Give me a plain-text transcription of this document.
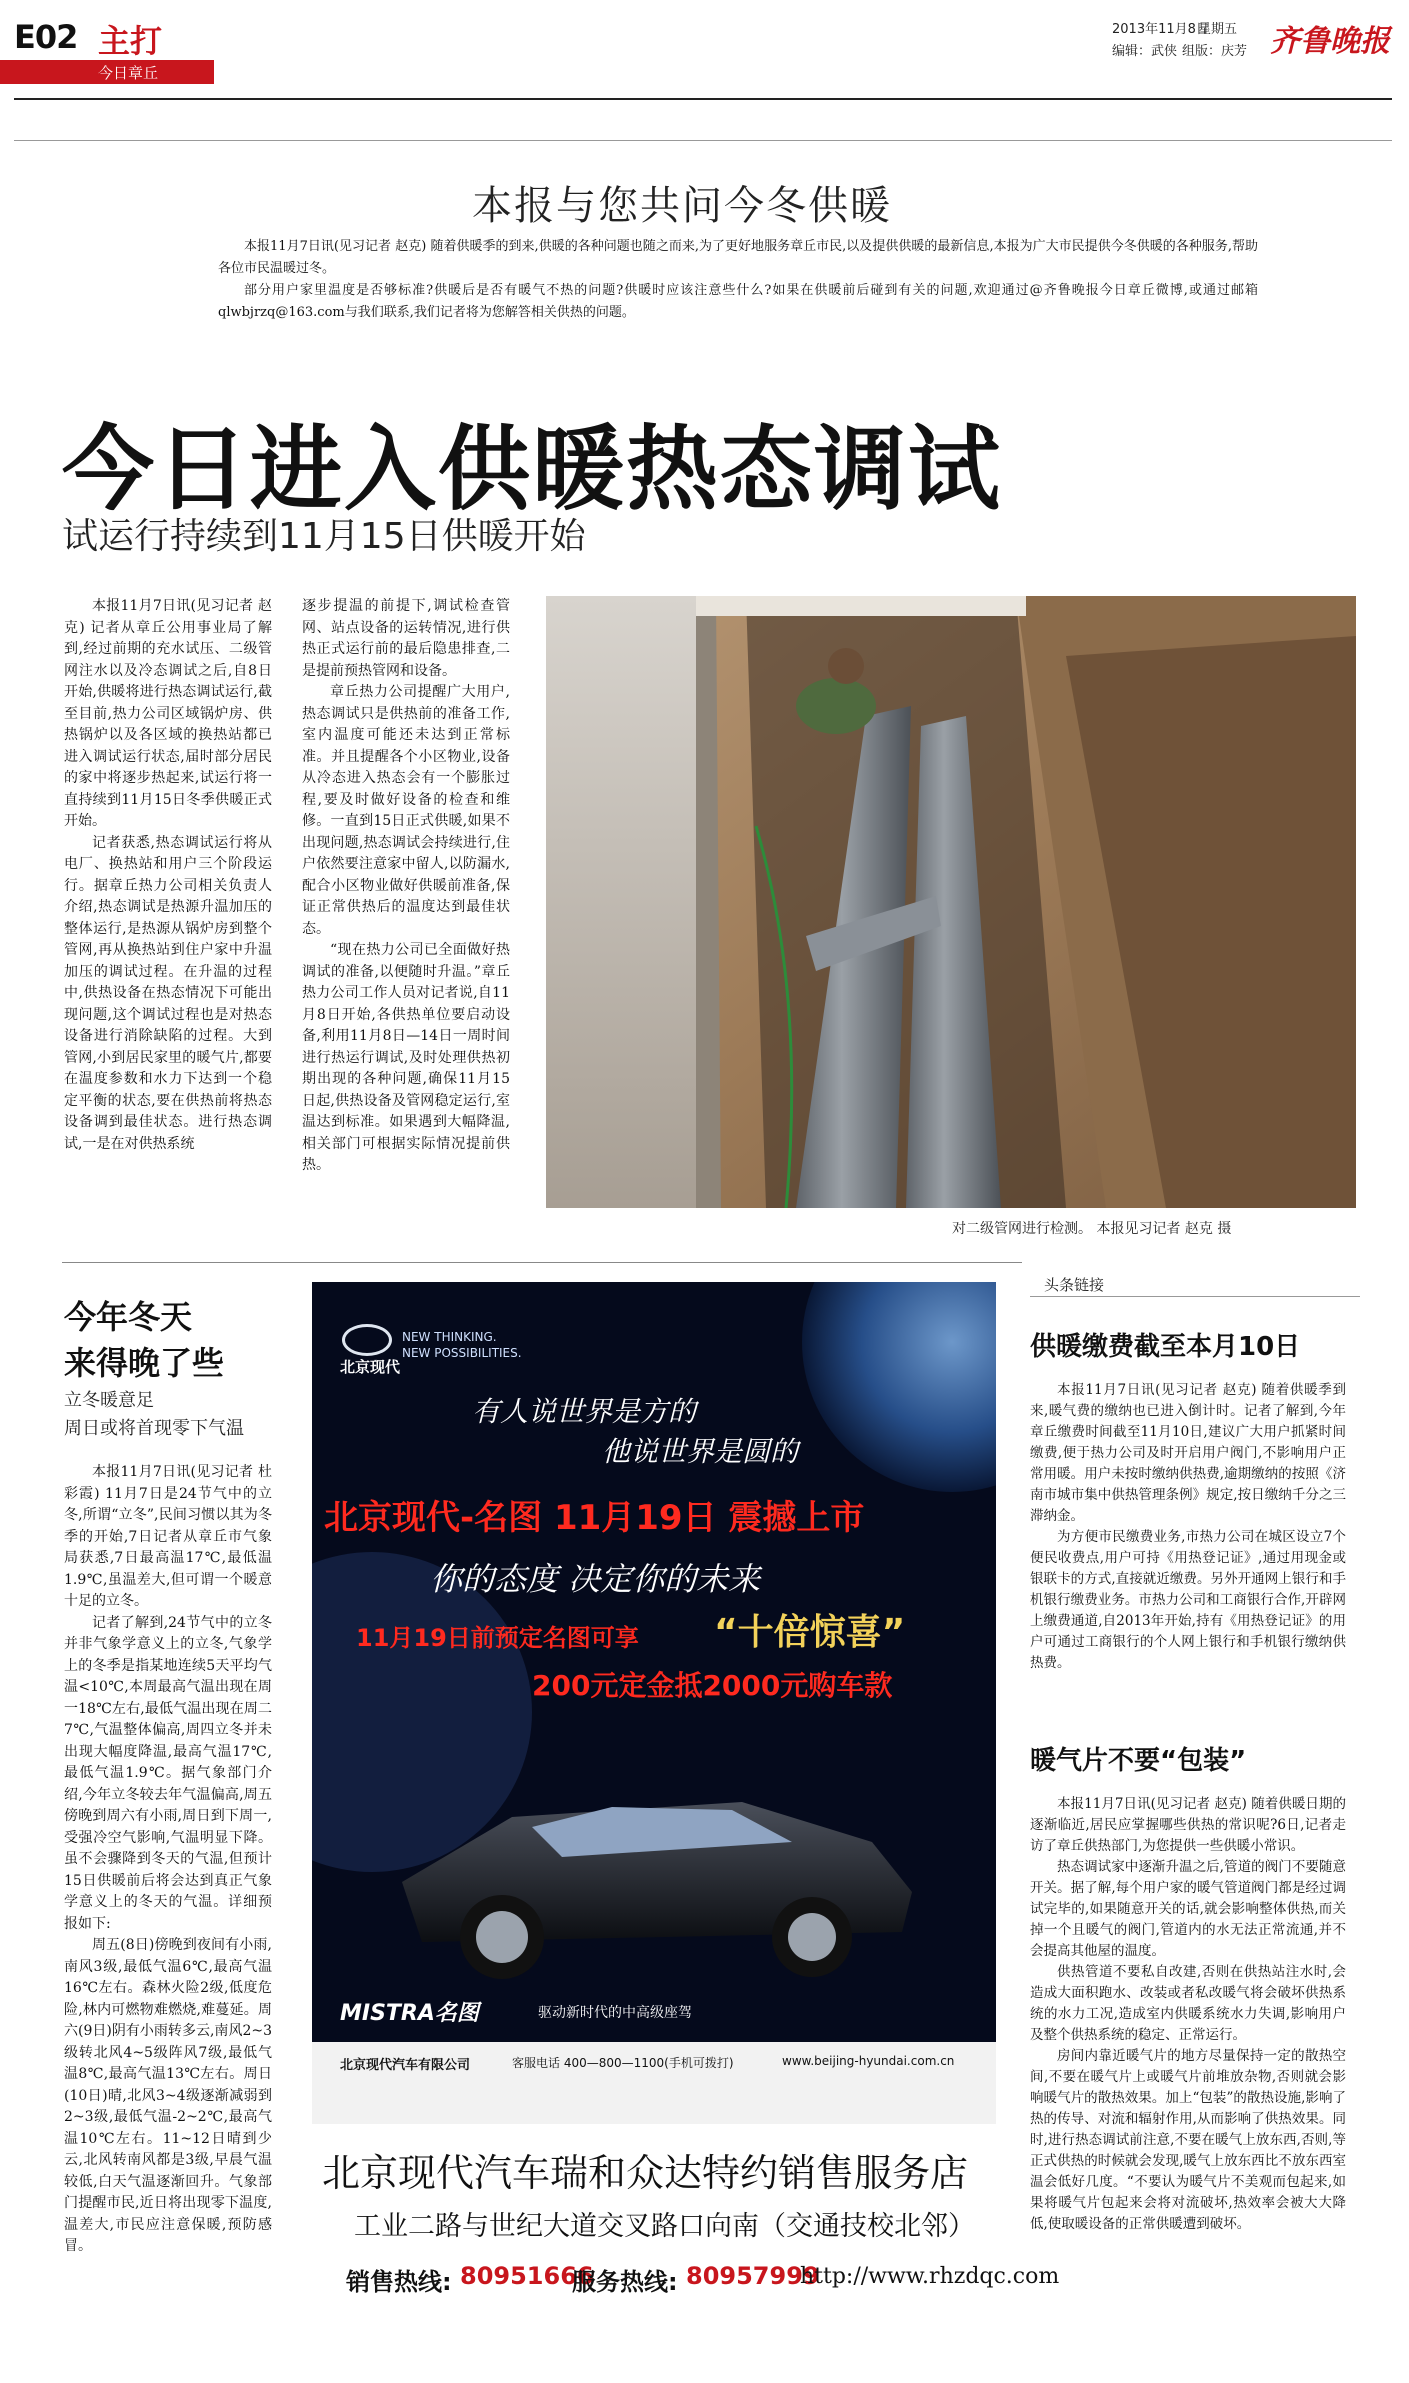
E02 主打
今日章丘
2013年11月8日
星期五
编辑：武侠 组版：庆芳 齐鲁晚报
本报与您共问今冬供暖

本报11月7日讯(见习记者 赵克) 随着供暖季的到来,供暖的各种问题也随之而来,为了更好地服务章丘市民,以及提供供暖的最新信息,本报为广大市民提供今冬供暖的各种服务,帮助各位市民温暖过冬。

部分用户家里温度是否够标准?供暖后是否有暖气不热的问题?供暖时应该注意些什么?如果在供暖前后碰到有关的问题,欢迎通过@齐鲁晚报今日章丘微博,或通过邮箱qlwbjrzq@163.com与我们联系,我们记者将为您解答相关供热的问题。

今日进入供暖热态调试
试运行持续到11月15日供暖开始

本报11月7日讯(见习记者 赵克) 记者从章丘公用事业局了解到,经过前期的充水试压、二级管网注水以及冷态调试之后,自8日开始,供暖将进行热态调试运行,截至目前,热力公司区域锅炉房、供热锅炉以及各区域的换热站都已进入调试运行状态,届时部分居民的家中将逐步热起来,试运行将一直持续到11月15日冬季供暖正式开始。

记者获悉,热态调试运行将从电厂、换热站和用户三个阶段运行。据章丘热力公司相关负责人介绍,热态调试是热源升温加压的整体运行,是热源从锅炉房到整个管网,再从换热站到住户家中升温加压的调试过程。在升温的过程中,供热设备在热态情况下可能出现问题,这个调试过程也是对热态设备进行消除缺陷的过程。大到管网,小到居民家里的暖气片,都要在温度参数和水力下达到一个稳定平衡的状态,要在供热前将热态设备调到最佳状态。进行热态调试,一是在对供热系统

逐步提温的前提下,调试检查管网、站点设备的运转情况,进行供热正式运行前的最后隐患排查,二是提前预热管网和设备。

章丘热力公司提醒广大用户,热态调试只是供热前的准备工作,室内温度可能还未达到正常标准。并且提醒各个小区物业,设备从冷态进入热态会有一个膨胀过程,要及时做好设备的检查和维修。一直到15日正式供暖,如果不出现问题,热态调试会持续进行,住户依然要注意家中留人,以防漏水,配合小区物业做好供暖前准备,保证正常供热后的温度达到最佳状态。

“现在热力公司已全面做好热调试的准备,以便随时升温。”章丘热力公司工作人员对记者说,自11月8日开始,各供热单位要启动设备,利用11月8日—14日一周时间进行热运行调试,及时处理供热初期出现的各种问题,确保11月15日起,供热设备及管网稳定运行,室温达到标准。如果遇到大幅降温,相关部门可根据实际情况提前供热。

对二级管网进行检测。 本报见习记者 赵克 摄
今年冬天
来得晚了些
立冬暖意足
周日或将首现零下气温

本报11月7日讯(见习记者 杜彩霞) 11月7日是24节气中的立冬,所谓“立冬”,民间习惯以其为冬季的开始,7日记者从章丘市气象局获悉,7日最高温17℃,最低温1.9℃,虽温差大,但可谓一个暖意十足的立冬。

记者了解到,24节气中的立冬并非气象学意义上的立冬,气象学上的冬季是指某地连续5天平均气温<10℃,本周最高气温出现在周一18℃左右,最低气温出现在周二7℃,气温整体偏高,周四立冬并未出现大幅度降温,最高气温17℃,最低气温1.9℃。据气象部门介绍,今年立冬较去年气温偏高,周五傍晚到周六有小雨,周日到下周一,受强冷空气影响,气温明显下降。虽不会骤降到冬天的气温,但预计15日供暖前后将会达到真正气象学意义上的冬天的气温。详细预报如下:

周五(8日)傍晚到夜间有小雨,南风3级,最低气温6℃,最高气温16℃左右。森林火险2级,低度危险,林内可燃物难燃烧,难蔓延。周六(9日)阴有小雨转多云,南风2~3级转北风4~5级阵风7级,最低气温8℃,最高气温13℃左右。周日(10日)晴,北风3~4级逐渐减弱到2~3级,最低气温-2~2℃,最高气温10℃左右。11~12日晴到少云,北风转南风都是3级,早晨气温较低,白天气温逐渐回升。气象部门提醒市民,近日将出现零下温度,温差大,市民应注意保暖,预防感冒。

北京现代
NEW THINKING.
NEW POSSIBILITIES.
有人说世界是方的
他说世界是圆的
北京现代-名图 11月19日 震撼上市
你的态度 决定你的未来
11月19日前预定名图可享 “十倍惊喜”
200元定金抵2000元购车款
MISTRA名图	驱动新时代的中高级座驾
北京现代汽车有限公司	客服电话 400—800—1100(手机可拨打)	www.beijing-hyundai.com.cn
北京现代汽车瑞和众达特约销售服务店
工业二路与世纪大道交叉路口向南（交通技校北邻）
销售热线: 80951666
服务热线: 80957999
http://www.rhzdqc.com
头条链接
供暖缴费截至本月10日

本报11月7日讯(见习记者 赵克) 随着供暖季到来,暖气费的缴纳也已进入倒计时。记者了解到,今年章丘缴费时间截至11月10日,建议广大用户抓紧时间缴费,便于热力公司及时开启用户阀门,不影响用户正常用暖。用户未按时缴纳供热费,逾期缴纳的按照《济南市城市集中供热管理条例》规定,按日缴纳千分之三滞纳金。

为方便市民缴费业务,市热力公司在城区设立7个便民收费点,用户可持《用热登记证》,通过用现金或银联卡的方式,直接就近缴费。另外开通网上银行和手机银行缴费业务。市热力公司和工商银行合作,开辟网上缴费通道,自2013年开始,持有《用热登记证》的用户可通过工商银行的个人网上银行和手机银行缴纳供热费。

暖气片不要“包装”

本报11月7日讯(见习记者 赵克) 随着供暖日期的逐渐临近,居民应掌握哪些供热的常识呢?6日,记者走访了章丘供热部门,为您提供一些供暖小常识。

热态调试家中逐渐升温之后,管道的阀门不要随意开关。据了解,每个用户家的暖气管道阀门都是经过调试完毕的,如果随意开关的话,就会影响整体供热,而关掉一个且暖气的阀门,管道内的水无法正常流通,并不会提高其他屋的温度。

供热管道不要私自改建,否则在供热站注水时,会造成大面积跑水、改装或者私改暖气将会破坏供热系统的水力工况,造成室内供暖系统水力失调,影响用户及整个供热系统的稳定、正常运行。

房间内靠近暖气片的地方尽量保持一定的散热空间,不要在暖气片上或暖气片前堆放杂物,否则就会影响暖气片的散热效果。加上“包装”的散热设施,影响了热的传导、对流和辐射作用,从而影响了供热效果。同时,进行热态调试前注意,不要在暖气上放东西,否则,等正式供热的时候就会发现,暖气上放东西比不放东西室温会低好几度。“不要认为暖气片不美观而包起来,如果将暖气片包起来会将对流破坏,热效率会被大大降低,使取暖设备的正常供暖遭到破坏。
